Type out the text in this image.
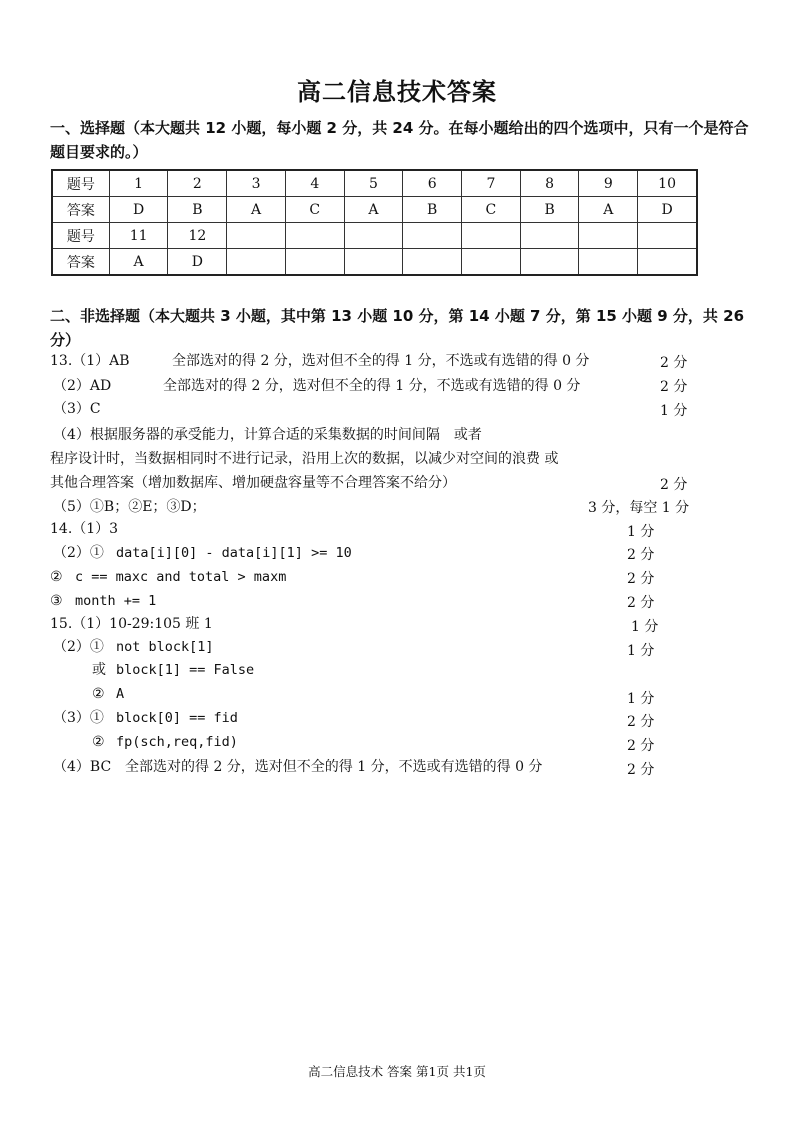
高二信息技术答案
一、选择题（本大题共 12 小题，每小题 2 分，共 24 分。在每小题给出的四个选项中，只有一个是符合题目要求的。）
题号	1	2	3	4	5	6	7	8	9	10
答案	D	B	A	C	A	B	C	B	A	D
题号	11	12								
答案	A	D								
二、非选择题（本大题共 3 小题，其中第 13 小题 10 分，第 14 小题 7 分，第 15 小题 9 分，共 26 分）
13.（1）AB	全部选对的得 2 分，选对但不全的得 1 分，不选或有选错的得 0 分	2 分
（2）AD	全部选对的得 2 分，选对但不全的得 1 分，不选或有选错的得 0 分	2 分
（3）C	1 分
（4）根据服务器的承受能力，计算合适的采集数据的时间间隔　或者
程序设计时，当数据相同时不进行记录，沿用上次的数据，以减少对空间的浪费 或
其他合理答案（增加数据库、增加硬盘容量等不合理答案不给分）	2 分
（5）①B；②E；③D；	3 分，每空 1 分
14.（1）3	1 分
（2）① data[i][0] - data[i][1] >= 10	2 分
② c == maxc and total > maxm	2 分
③ month += 1	2 分
15.（1）10-29:105 班 1	1 分
（2）① not block[1]	1 分
或 block[1] == False
② A	1 分
（3）① block[0] == fid	2 分
② fp(sch,req,fid)	2 分
（4）BC 全部选对的得 2 分，选对但不全的得 1 分，不选或有选错的得 0 分	2 分
高二信息技术 答案 第1页 共1页
